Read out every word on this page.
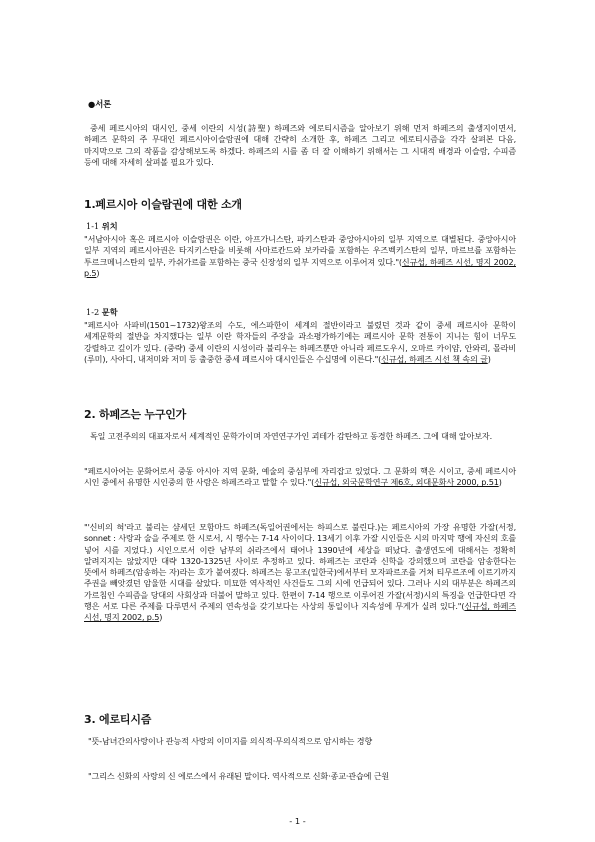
●서론

중세 페르시아의 대시인, 중세 이란의 시성(詩聖) 하페즈와 에로티시즘을 알아보기 위해 먼저 하페즈의 출생지이면서, 하페즈 문학의 주 무대인 페르시아이슬람권에 대해 간략히 소개한 후, 하페즈 그리고 에로티시즘을 각각 살펴본 다음, 마지막으로 그의 작품을 감상해보도록 하겠다. 하페즈의 시를 좀 더 잘 이해하기 위해서는 그 시대적 배경과 이슬람, 수피즘 등에 대해 자세히 살펴볼 필요가 있다.

1.페르시아 이슬람권에 대한 소개

1-1 위치

"서남아시아 혹은 페르시아 이슬람권은 이란, 아프가니스탄, 파키스탄과 중앙아시아의 일부 지역으로 대별된다. 중앙아시아 일부 지역의 페르시아권은 타지키스탄을 비롯해 사마르칸드와 보카라를 포함하는 우즈벡키스탄의 일부, 마르브를 포함하는 투르크메니스탄의 일부, 카쉬가르를 포함하는 중국 신장성의 일부 지역으로 이루어져 있다."(신규섭, 하페즈 시선, 명지 2002, p.5)

1-2 문학

"페르시아 사파비(1501~1732)왕조의 수도, 에스파한이 세계의 절반이라고 불렸던 것과 같이 중세 페르시아 문학이 세계문학의 절반을 차지했다는 일부 이란 학자들의 주장을 과소평가하기에는 페르시아 문학 전통이 지니는 힘이 너무도 강렬하고 깊이가 있다. (중략) 중세 이란의 시성이라 불리우는 하페즈뿐만 아니라 페르도우시, 오마르 카이얌, 안와리, 몰라비(루미), 사아디, 내저미와 저미 등 출중한 중세 페르시아 대시인들은 수십명에 이른다."(신규섭, 하페즈 시선 책 속의 글)

2. 하페즈는 누구인가

독일 고전주의의 대표자로서 세계적인 문학가이며 자연연구가인 괴테가 감탄하고 동경한 하페즈. 그에 대해 알아보자.

"페르시아어는 문화어로서 중동 아시아 지역 문화, 예술의 중심부에 자리잡고 있었다. 그 문화의 핵은 시이고, 중세 페르시아 시인 중에서 유명한 시인중의 한 사람은 하페즈라고 말할 수 있다."(신규섭, 외국문학연구 제6호, 외대문화사 2000, p.51)

"'신비의 혀'라고 불리는 샴세딘 모함마드 하페즈(독일어권에서는 하피스로 불린다.)는 페르시아의 가장 유명한 가잘(서정, sonnet : 사랑과 술을 주제로 한 시로서, 시 행수는 7-14 사이이다. 13세기 이후 가잘 시인들은 시의 마지막 행에 자신의 호를 넣어 시를 지었다.) 시인으로서 이란 남부의 쉬라즈에서 태어나 1390년에 세상을 떠났다. 출생연도에 대해서는 정확히 알려지지는 않았지만 대략 1320-1325년 사이로 추정하고 있다. 하페즈는 코란과 신학을 강의했으며 코란을 암송한다는 뜻에서 하페즈(암송하는 자)라는 호가 붙여졌다. 하페즈는 몽고조(일한국)에서부터 모자파르조를 거쳐 티무르조에 이르기까지 주권을 빼앗겼던 암울한 시대를 살았다. 미묘한 역사적인 사건들도 그의 시에 언급되어 있다. 그러나 시의 대부분은 하페즈의 가르침인 수피즘을 당대의 사회상과 더불어 말하고 있다. 한편이 7-14 행으로 이루어진 가잘(서정)시의 특징을 언급한다면 각 행은 서로 다른 주제를 다루면서 주제의 연속성을 갖기보다는 사상의 통일이나 지속성에 무게가 실려 있다."(신규섭, 하페즈 시선, 명지 2002, p.5)

3. 에로티시즘

"뜻-남녀간의사랑이나 관능적 사랑의 이미지를 의식적·무의식적으로 암시하는 경향

"그리스 신화의 사랑의 신 에로스에서 유래된 말이다. 역사적으로 신화·종교·관습에 근원

- 1 -
